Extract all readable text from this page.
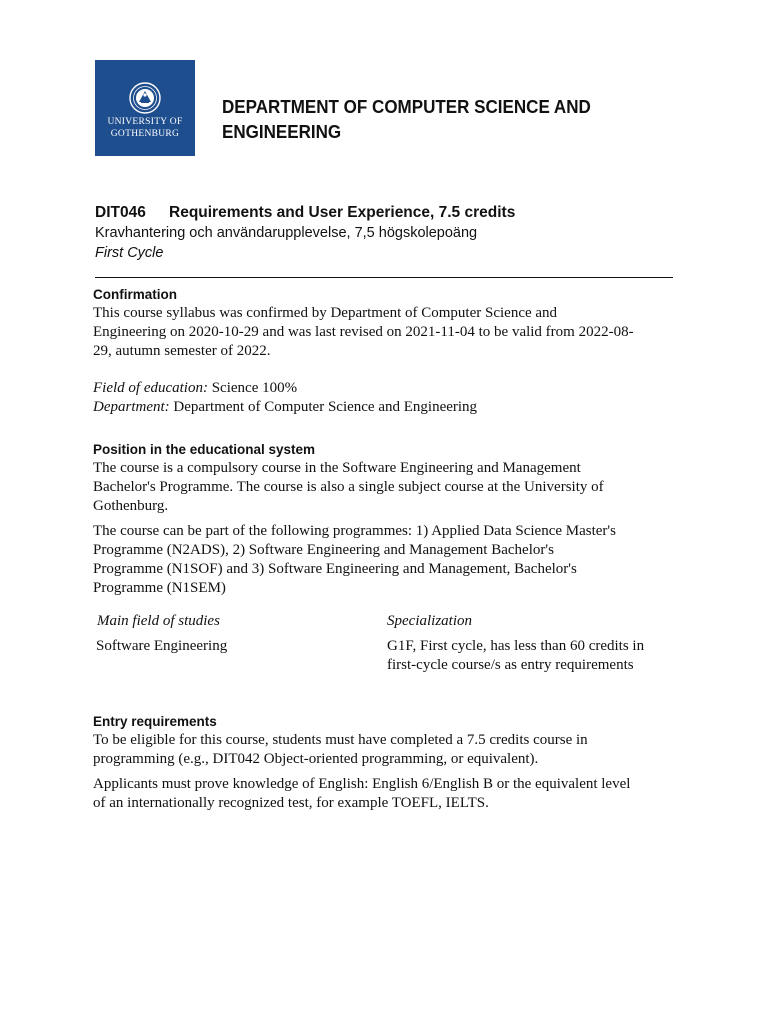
UNIVERSITY OF
GOTHENBURG
DEPARTMENT OF COMPUTER SCIENCE AND
ENGINEERING
DIT046 Requirements and User Experience, 7.5 credits
Kravhantering och användarupplevelse, 7,5 högskolepoäng
First Cycle
Confirmation
This course syllabus was confirmed by Department of Computer Science and
Engineering on 2020-10-29 and was last revised on 2021-11-04 to be valid from 2022-08-
29, autumn semester of 2022.
Field of education: Science 100%
Department: Department of Computer Science and Engineering
Position in the educational system
The course is a compulsory course in the Software Engineering and Management
Bachelor's Programme. The course is also a single subject course at the University of
Gothenburg.
The course can be part of the following programmes: 1) Applied Data Science Master's
Programme (N2ADS), 2) Software Engineering and Management Bachelor's
Programme (N1SOF) and 3) Software Engineering and Management, Bachelor's
Programme (N1SEM)
Main field of studies	Specialization
Software Engineering	G1F, First cycle, has less than 60 credits in
first-cycle course/s as entry requirements
Entry requirements
To be eligible for this course, students must have completed a 7.5 credits course in
programming (e.g., DIT042 Object-oriented programming, or equivalent).
Applicants must prove knowledge of English: English 6/English B or the equivalent level
of an internationally recognized test, for example TOEFL, IELTS.
